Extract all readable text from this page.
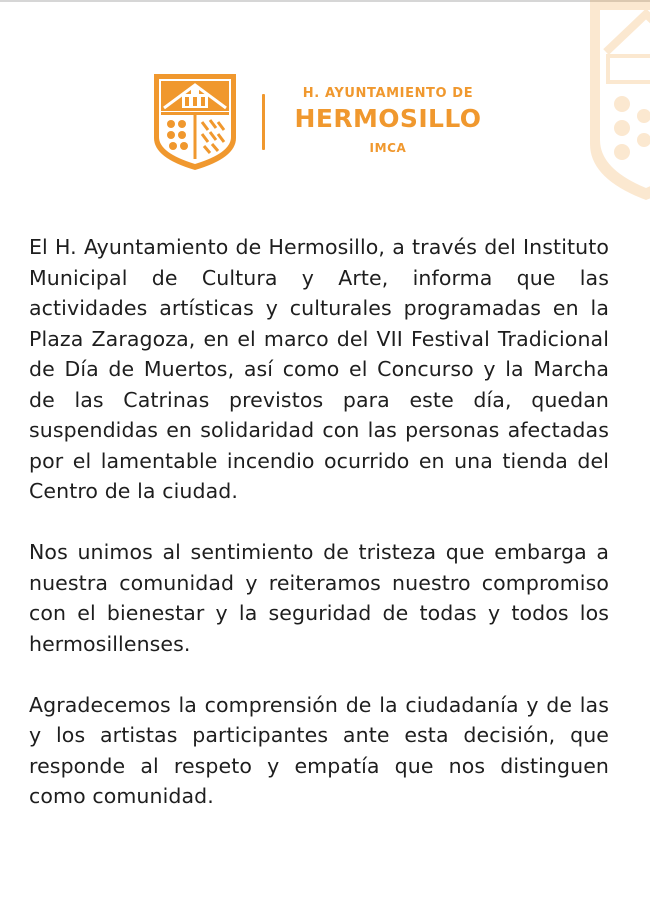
H. AYUNTAMIENTO DE
HERMOSILLO
IMCA

El H. Ayuntamiento de Hermosillo, a través del Instituto Municipal de Cultura y Arte, informa que las actividades artísticas y culturales programadas en la Plaza Zaragoza, en el marco del VII Festival Tradicional de Día de Muertos, así como el Concurso y la Marcha de las Catrinas previstos para este día, quedan suspendidas en solidaridad con las personas afectadas por el lamentable incendio ocurrido en una tienda del Centro de la ciudad.

Nos unimos al sentimiento de tristeza que embarga a nuestra comunidad y reiteramos nuestro compromiso con el bienestar y la seguridad de todas y todos los hermosillenses.

Agradecemos la comprensión de la ciudadanía y de las y los artistas participantes ante esta decisión, que responde al respeto y empatía que nos distinguen como comunidad.
